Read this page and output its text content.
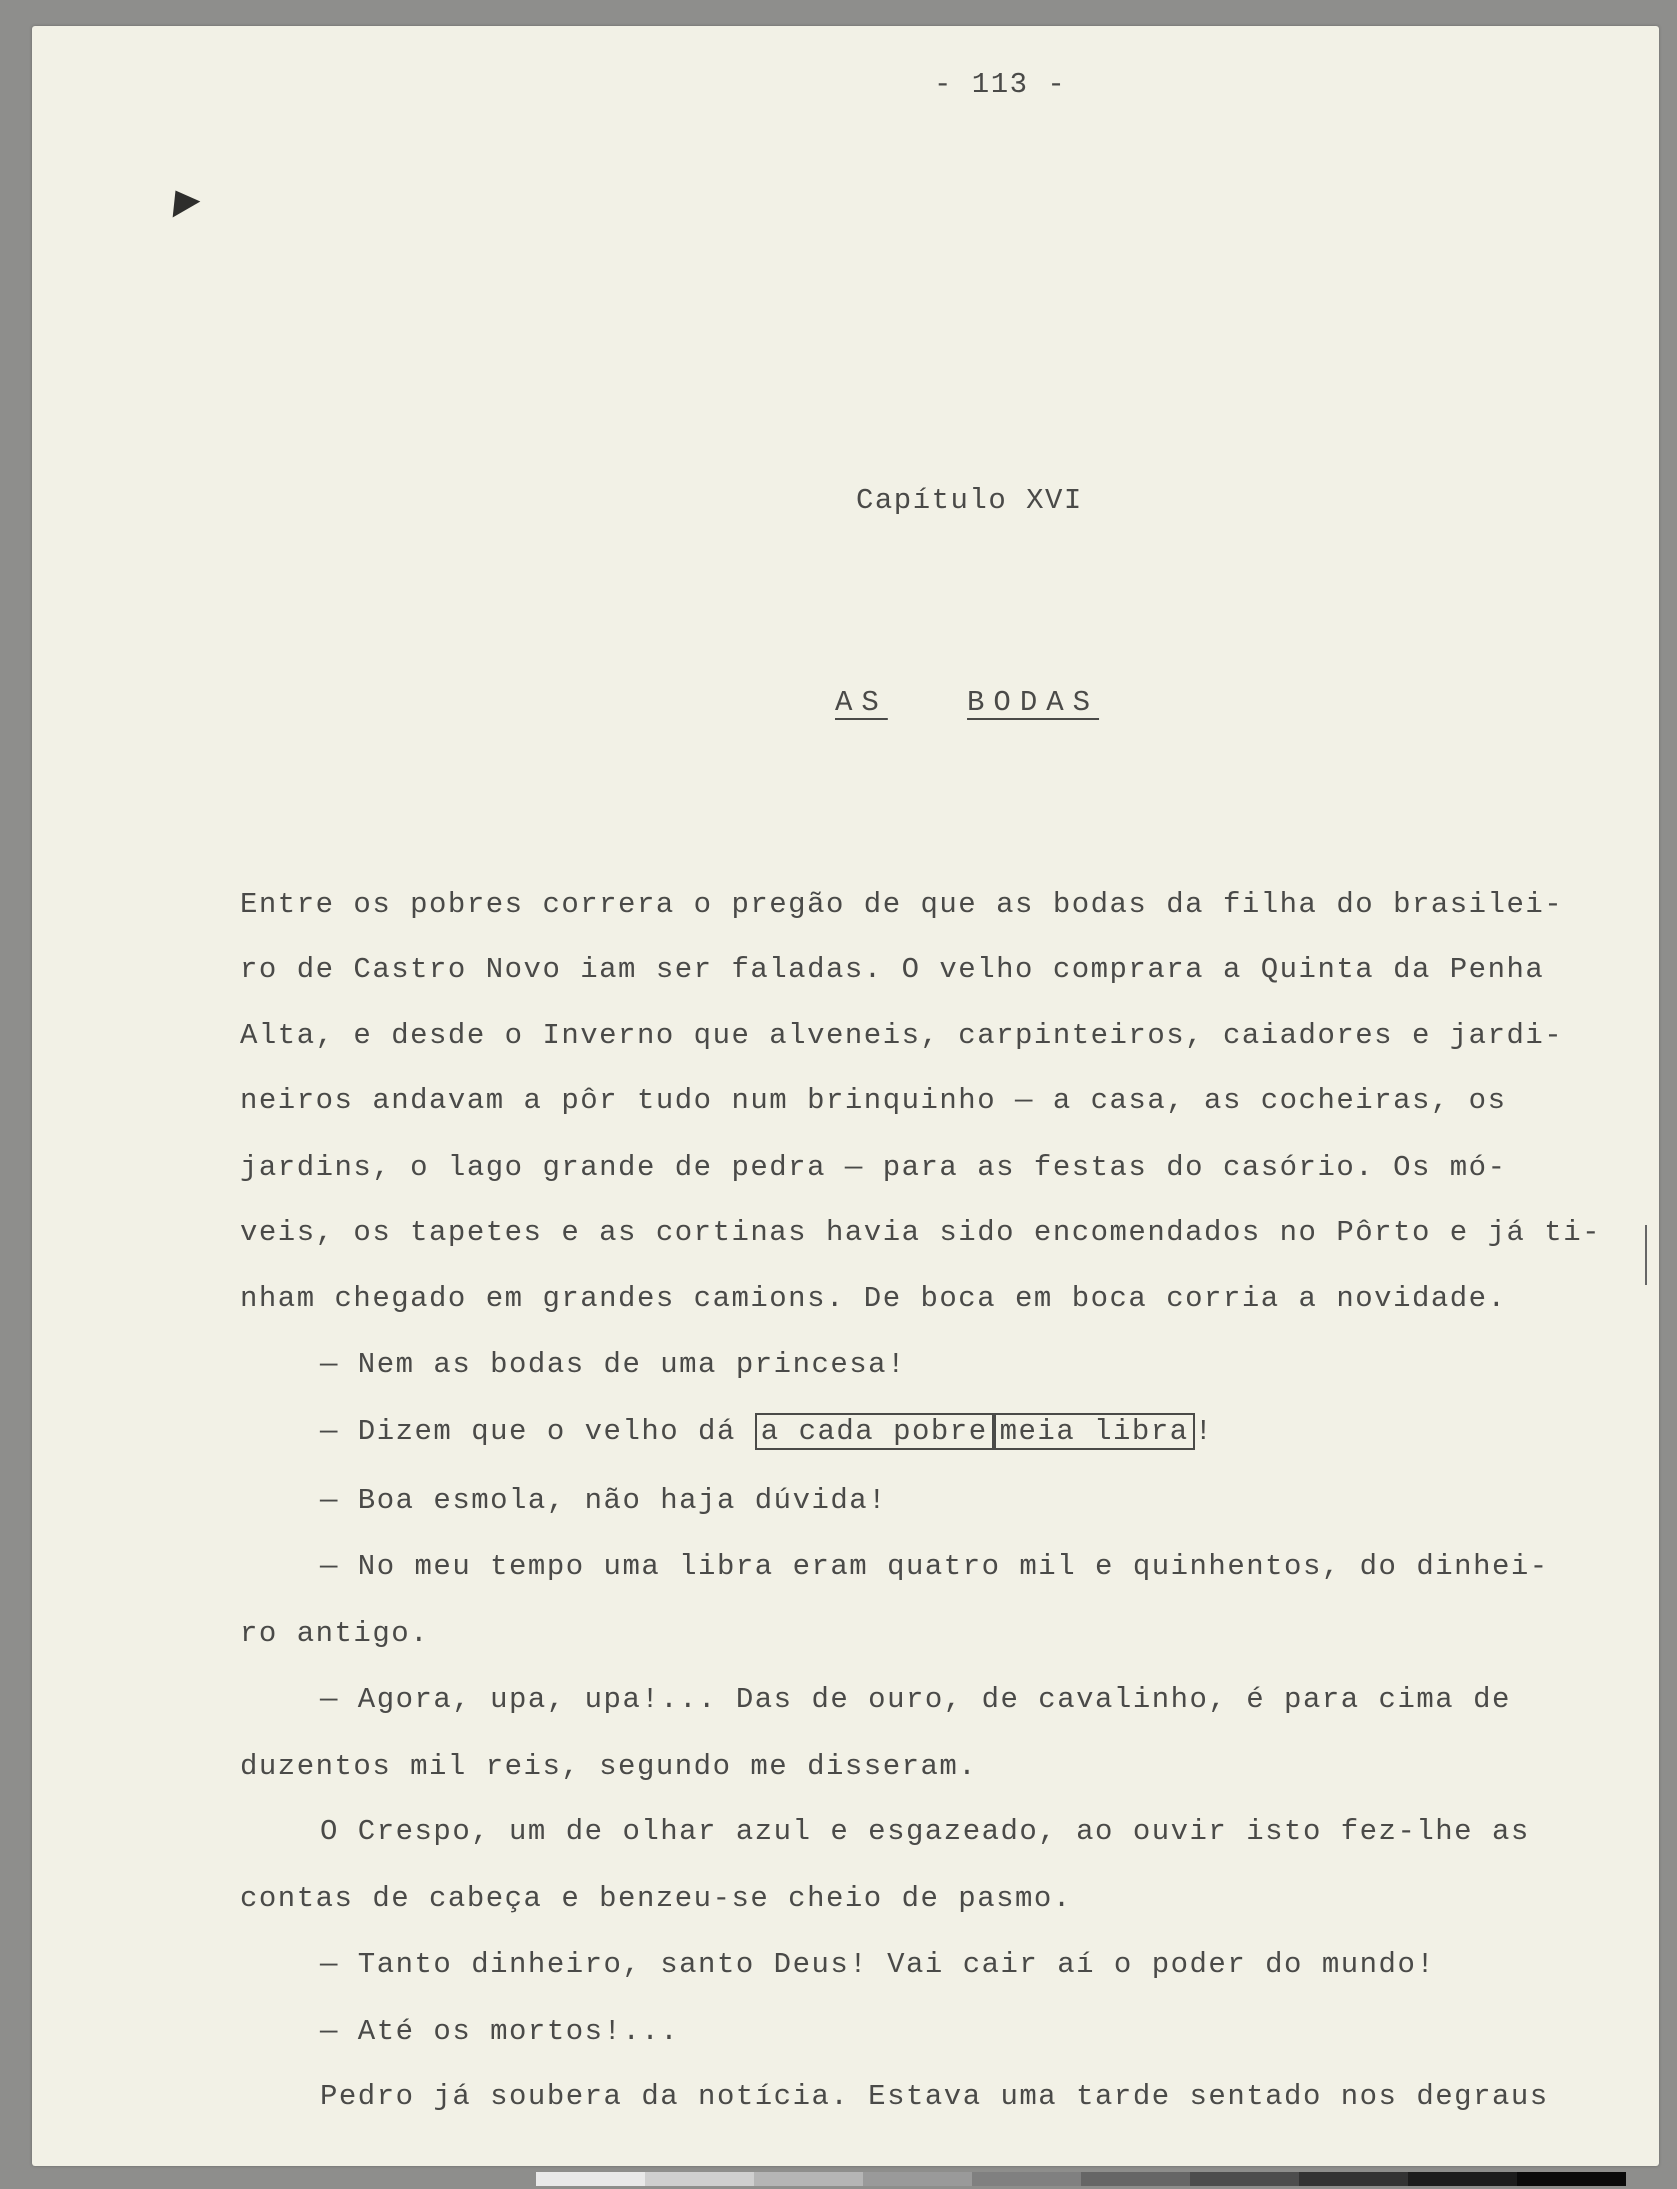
- 113 -
Capítulo XVI
AS	BODAS
Entre os pobres correra o pregão de que as bodas da filha do brasilei-
ro de Castro Novo iam ser faladas. O velho comprara a Quinta da Penha
Alta, e desde o Inverno que alveneis, carpinteiros, caiadores e jardi-
neiros andavam a pôr tudo num brinquinho — a casa, as cocheiras, os
jardins, o lago grande de pedra — para as festas do casório. Os mó-
veis, os tapetes e as cortinas havia sido encomendados no Pôrto e já ti-
nham chegado em grandes camions. De boca em boca corria a novidade.
— Nem as bodas de uma princesa!
— Dizem que o velho dá a cada pobre meia libra !
— Boa esmola, não haja dúvida!
— No meu tempo uma libra eram quatro mil e quinhentos, do dinhei-
ro antigo.
— Agora, upa, upa!... Das de ouro, de cavalinho, é para cima de
duzentos mil reis, segundo me disseram.
O Crespo, um de olhar azul e esgazeado, ao ouvir isto fez-lhe as
contas de cabeça e benzeu-se cheio de pasmo.
— Tanto dinheiro, santo Deus! Vai cair aí o poder do mundo!
— Até os mortos!...
Pedro já soubera da notícia. Estava uma tarde sentado nos degraus
